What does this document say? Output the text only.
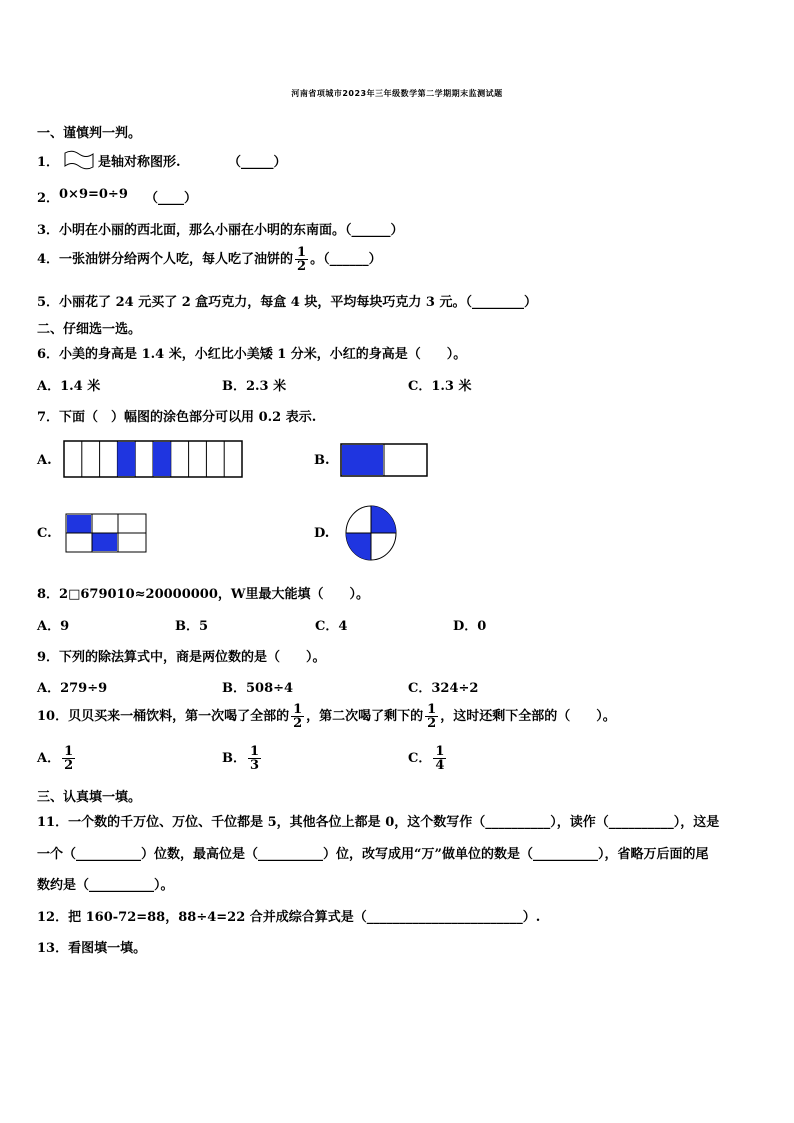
河南省项城市2023年三年级数学第二学期期末监测试题
一、谨慎判一判。
1．	是轴对称图形.	（_____）
2． 0×9=0÷9 （____）
3．小明在小丽的西北面，那么小丽在小明的东南面。（______）
4．一张油饼分给两个人吃，每人吃了油饼的 $\frac{1}{2}$ 。（______）
5．小丽花了 24 元买了 2 盒巧克力，每盒 4 块，平均每块巧克力 3 元。（________）
二、仔细选一选。
6．小美的身高是 1.4 米，小红比小美矮 1 分米，小红的身高是（　　）。
A．1.4 米	B．2.3 米	C．1.3 米
7．下面（　）幅图的涂色部分可以用 0.2 表示.
A.	B.
C.	D.
8．2□679010≈20000000，W里最大能填（　　）。
A．9	B．5	C．4	D．0
9．下列的除法算式中，商是两位数的是（　　）。
A．279÷9	B．508÷4	C．324÷2
10．贝贝买来一桶饮料，第一次喝了全部的 $\frac{1}{2}$ ，第二次喝了剩下的 $\frac{1}{2}$ ，这时还剩下全部的（　　）。
A． $\frac{1}{2}$	B． $\frac{1}{3}$	C． $\frac{1}{4}$
三、认真填一填。
11．一个数的千万位、万位、千位都是 5，其他各位上都是 0，这个数写作（__________），读作（__________），这是
一个（__________）位数，最高位是（__________）位，改写成用“万”做单位的数是（__________），省略万后面的尾
数约是（__________）。
12．把 160-72=88，88÷4=22 合并成综合算式是（________________________）.
13．看图填一填。
